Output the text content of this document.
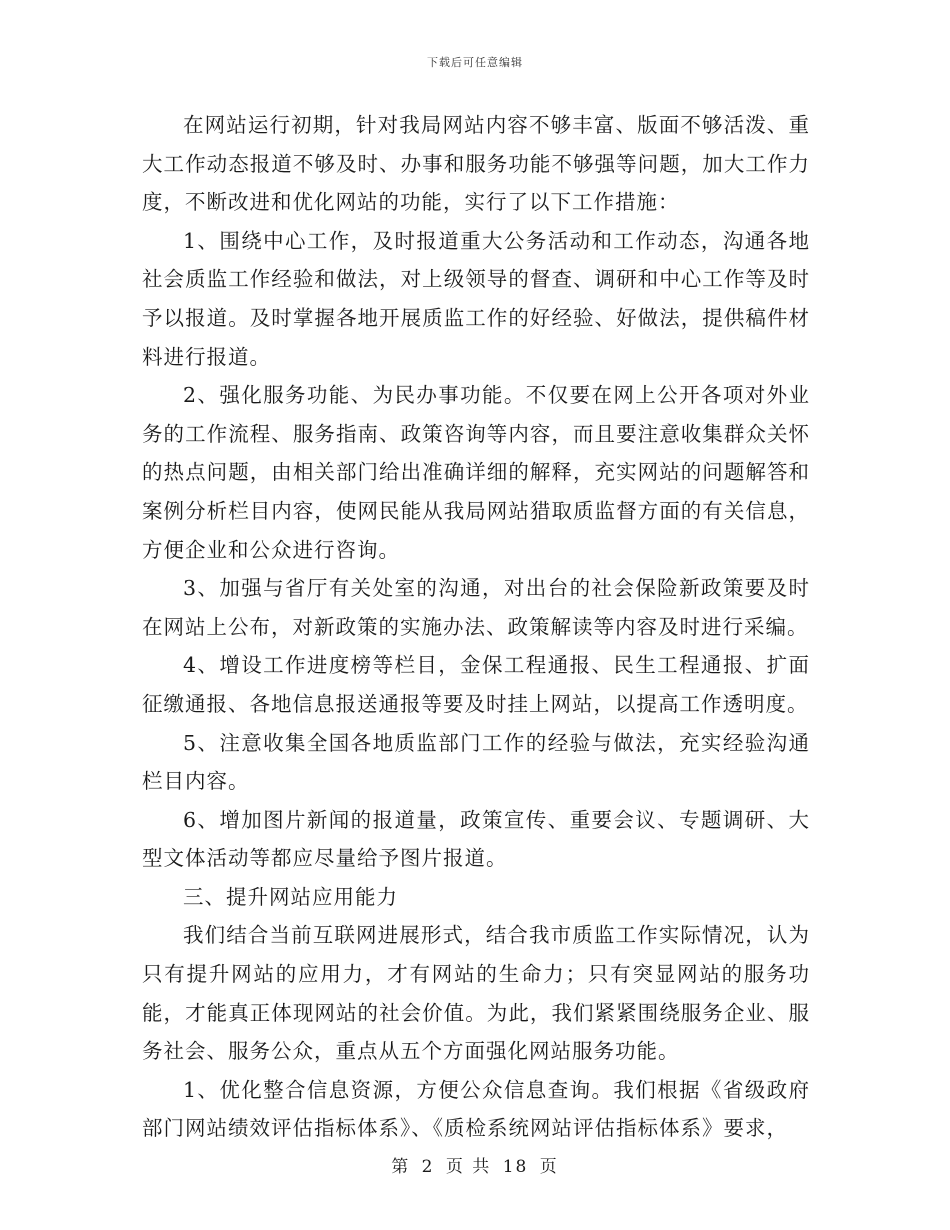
下载后可任意编辑

在网站运行初期，针对我局网站内容不够丰富、版面不够活泼、重大工作动态报道不够及时、办事和服务功能不够强等问题，加大工作力度，不断改进和优化网站的功能，实行了以下工作措施：

1、围绕中心工作，及时报道重大公务活动和工作动态，沟通各地社会质监工作经验和做法，对上级领导的督查、调研和中心工作等及时予以报道。及时掌握各地开展质监工作的好经验、好做法，提供稿件材料进行报道。

2、强化服务功能、为民办事功能。不仅要在网上公开各项对外业务的工作流程、服务指南、政策咨询等内容，而且要注意收集群众关怀的热点问题，由相关部门给出准确详细的解释，充实网站的问题解答和案例分析栏目内容，使网民能从我局网站猎取质监督方面的有关信息，方便企业和公众进行咨询。

3、加强与省厅有关处室的沟通，对出台的社会保险新政策要及时在网站上公布，对新政策的实施办法、政策解读等内容及时进行采编。

4、增设工作进度榜等栏目，金保工程通报、民生工程通报、扩面征缴通报、各地信息报送通报等要及时挂上网站，以提高工作透明度。

5、注意收集全国各地质监部门工作的经验与做法，充实经验沟通栏目内容。

6、增加图片新闻的报道量，政策宣传、重要会议、专题调研、大型文体活动等都应尽量给予图片报道。

三、提升网站应用能力

我们结合当前互联网进展形式，结合我市质监工作实际情况，认为只有提升网站的应用力，才有网站的生命力；只有突显网站的服务功能，才能真正体现网站的社会价值。为此，我们紧紧围绕服务企业、服务社会、服务公众，重点从五个方面强化网站服务功能。

1、优化整合信息资源，方便公众信息查询。我们根据《省级政府部门网站绩效评估指标体系》、《质检系统网站评估指标体系》要求，

第 2 页 共 18 页
